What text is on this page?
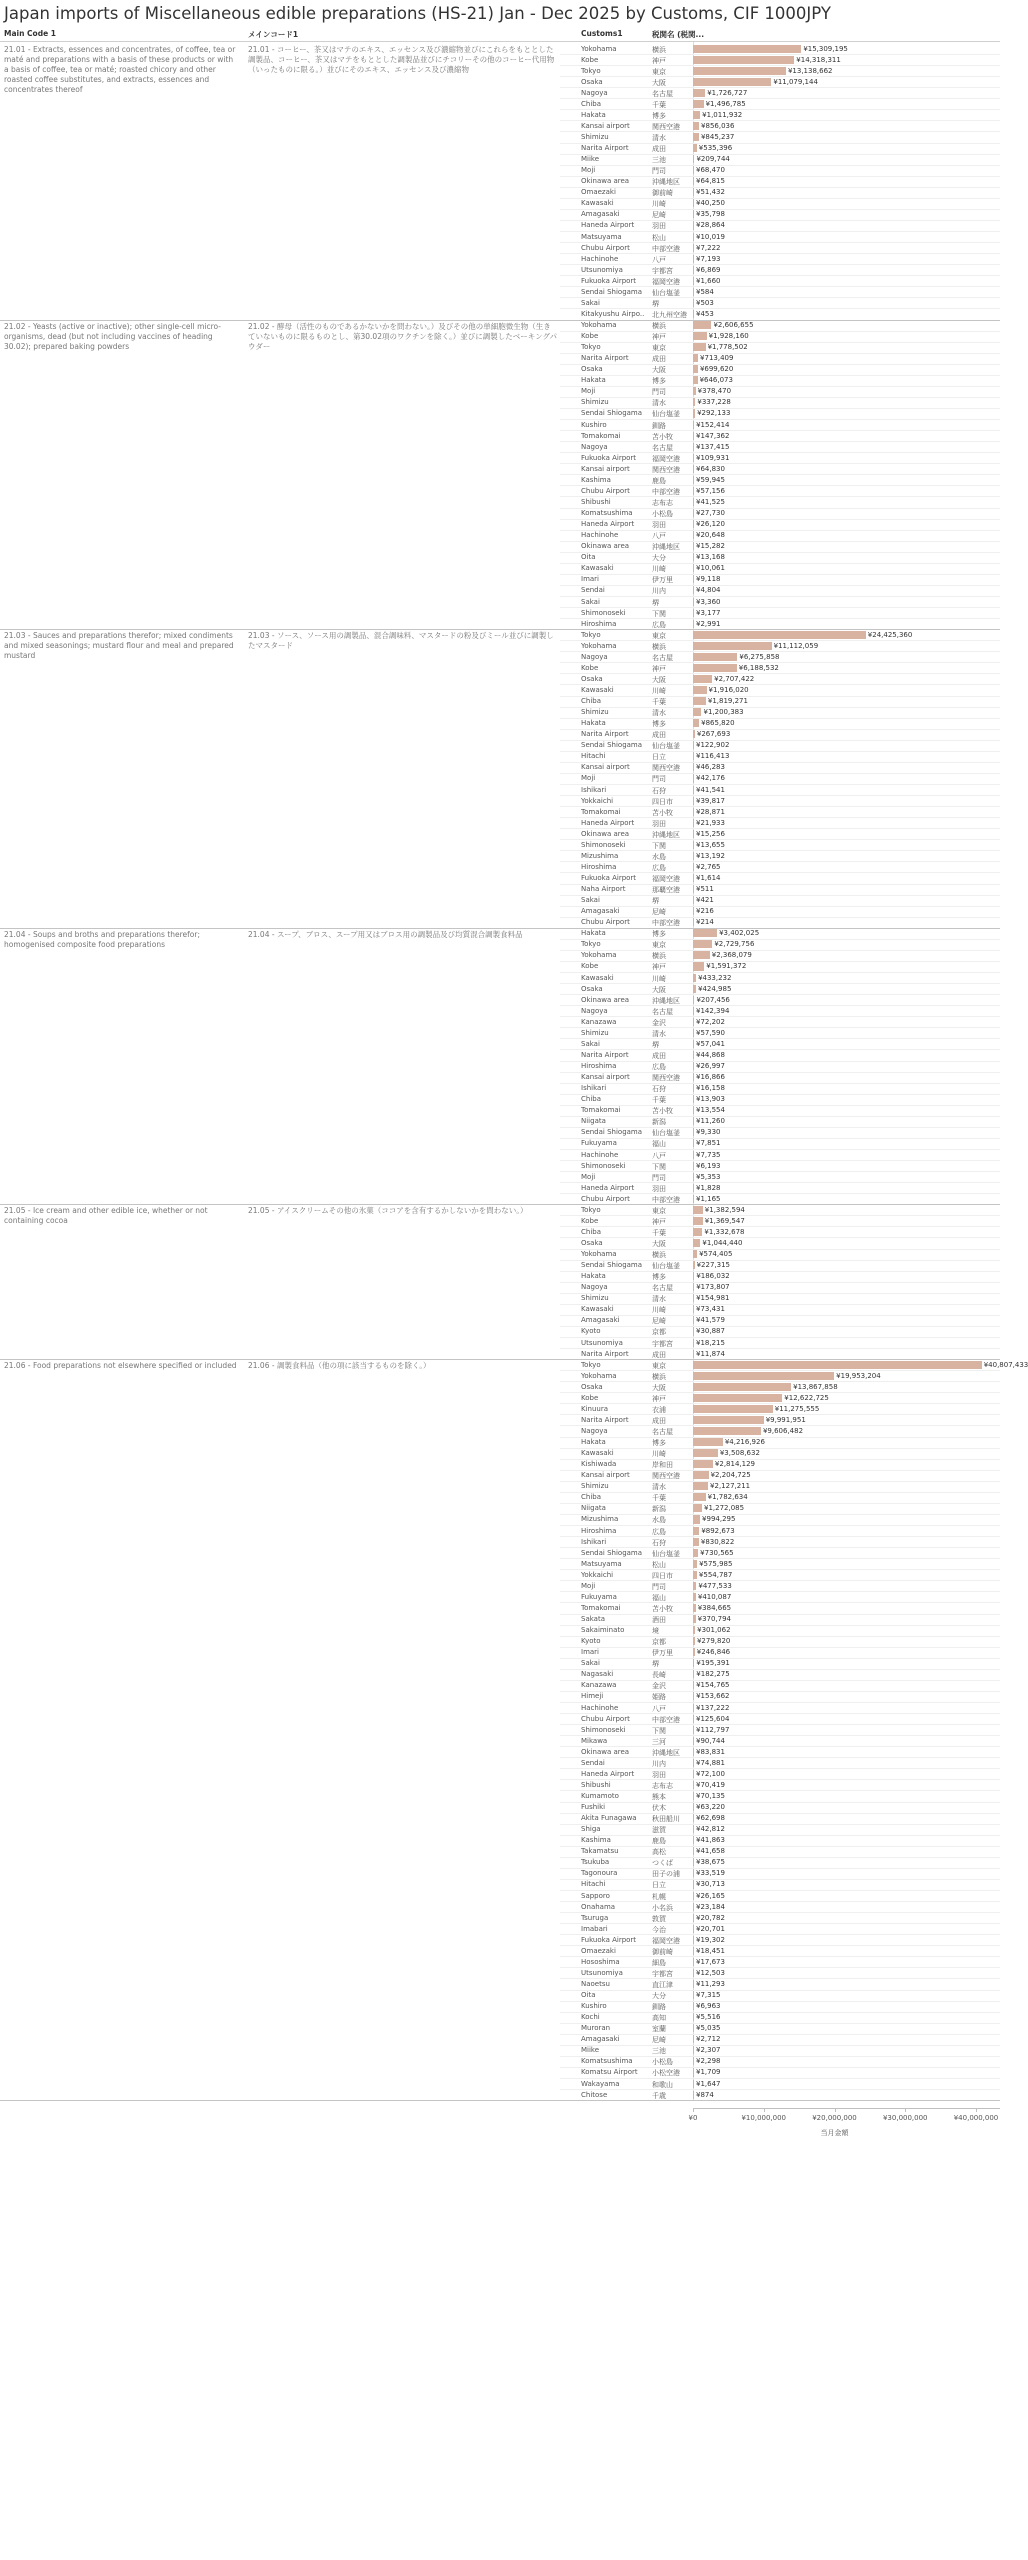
Japan imports of Miscellaneous edible preparations (HS-21) Jan - Dec 2025 by Customs, CIF 1000JPY
Main Code 1	メインコード1	Customs1	税関名 (税関...
21.01 - Extracts, essences and concentrates, of coffee, tea or maté and preparations with a basis of these products or with a basis of coffee, tea or maté; roasted chicory and other roasted coffee substitutes, and extracts, essences and concentrates thereof
21.01 - コーヒー、茶又はマテのエキス、エッセンス及び濃縮物並びにこれらをもととした調製品、コーヒー、茶又はマテをもととした調製品並びにチコリーその他のコーヒー代用物（いったものに限る。）並びにそのエキス、エッセンス及び濃縮物
Yokohama	横浜	¥15,309,195
Kobe	神戸	¥14,318,311
Tokyo	東京	¥13,138,662
Osaka	大阪	¥11,079,144
Nagoya	名古屋	¥1,726,727
Chiba	千葉	¥1,496,785
Hakata	博多	¥1,011,932
Kansai airport	関西空港	¥856,036
Shimizu	清水	¥845,237
Narita Airport	成田	¥535,396
Miike	三池	¥209,744
Moji	門司	¥68,470
Okinawa area	沖縄地区	¥64,815
Omaezaki	御前崎	¥51,432
Kawasaki	川崎	¥40,250
Amagasaki	尼崎	¥35,798
Haneda Airport	羽田	¥28,864
Matsuyama	松山	¥10,019
Chubu Airport	中部空港	¥7,222
Hachinohe	八戸	¥7,193
Utsunomiya	宇都宮	¥6,869
Fukuoka Airport	福岡空港	¥1,660
Sendai Shiogama	仙台塩釜	¥584
Sakai	堺	¥503
Kitakyushu Airpo..	北九州空港	¥453
21.02 - Yeasts (active or inactive); other single-cell micro-organisms, dead (but not including vaccines of heading 30.02); prepared baking powders
21.02 - 酵母（活性のものであるかないかを問わない。）及びその他の単細胞微生物（生きていないものに限るものとし、第30.02項のワクチンを除く。）並びに調製したベーキングパウダー
Yokohama	横浜	¥2,606,655
Kobe	神戸	¥1,928,160
Tokyo	東京	¥1,778,502
Narita Airport	成田	¥713,409
Osaka	大阪	¥699,620
Hakata	博多	¥646,073
Moji	門司	¥378,470
Shimizu	清水	¥337,228
Sendai Shiogama	仙台塩釜	¥292,133
Kushiro	釧路	¥152,414
Tomakomai	苫小牧	¥147,362
Nagoya	名古屋	¥137,415
Fukuoka Airport	福岡空港	¥109,931
Kansai airport	関西空港	¥64,830
Kashima	鹿島	¥59,945
Chubu Airport	中部空港	¥57,156
Shibushi	志布志	¥41,525
Komatsushima	小松島	¥27,730
Haneda Airport	羽田	¥26,120
Hachinohe	八戸	¥20,648
Okinawa area	沖縄地区	¥15,282
Oita	大分	¥13,168
Kawasaki	川崎	¥10,061
Imari	伊万里	¥9,118
Sendai	川内	¥4,804
Sakai	堺	¥3,360
Shimonoseki	下関	¥3,177
Hiroshima	広島	¥2,991
21.03 - Sauces and preparations therefor; mixed condiments and mixed seasonings; mustard flour and meal and prepared mustard
21.03 - ソース、ソース用の調製品、混合調味料、マスタードの粉及びミール並びに調製したマスタード
Tokyo	東京	¥24,425,360
Yokohama	横浜	¥11,112,059
Nagoya	名古屋	¥6,275,858
Kobe	神戸	¥6,188,532
Osaka	大阪	¥2,707,422
Kawasaki	川崎	¥1,916,020
Chiba	千葉	¥1,819,271
Shimizu	清水	¥1,200,383
Hakata	博多	¥865,820
Narita Airport	成田	¥267,693
Sendai Shiogama	仙台塩釜	¥122,902
Hitachi	日立	¥116,413
Kansai airport	関西空港	¥46,283
Moji	門司	¥42,176
Ishikari	石狩	¥41,541
Yokkaichi	四日市	¥39,817
Tomakomai	苫小牧	¥28,871
Haneda Airport	羽田	¥21,933
Okinawa area	沖縄地区	¥15,256
Shimonoseki	下関	¥13,655
Mizushima	水島	¥13,192
Hiroshima	広島	¥2,765
Fukuoka Airport	福岡空港	¥1,614
Naha Airport	那覇空港	¥511
Sakai	堺	¥421
Amagasaki	尼崎	¥216
Chubu Airport	中部空港	¥214
21.04 - Soups and broths and preparations therefor; homogenised composite food preparations
21.04 - スープ、ブロス、スープ用又はブロス用の調製品及び均質混合調製食料品	Hakata	博多	¥3,402,025
Tokyo	東京	¥2,729,756
Yokohama	横浜	¥2,368,079
Kobe	神戸	¥1,591,372
Kawasaki	川崎	¥433,232
Osaka	大阪	¥424,985
Okinawa area	沖縄地区	¥207,456
Nagoya	名古屋	¥142,394
Kanazawa	金沢	¥72,202
Shimizu	清水	¥57,590
Sakai	堺	¥57,041
Narita Airport	成田	¥44,868
Hiroshima	広島	¥26,997
Kansai airport	関西空港	¥16,866
Ishikari	石狩	¥16,158
Chiba	千葉	¥13,903
Tomakomai	苫小牧	¥13,554
Niigata	新潟	¥11,260
Sendai Shiogama	仙台塩釜	¥9,330
Fukuyama	福山	¥7,851
Hachinohe	八戸	¥7,735
Shimonoseki	下関	¥6,193
Moji	門司	¥5,353
Haneda Airport	羽田	¥1,828
Chubu Airport	中部空港	¥1,165
21.05 - Ice cream and other edible ice, whether or not containing cocoa
21.05 - アイスクリームその他の氷菓（ココアを含有するかしないかを問わない。）	Tokyo	東京	¥1,382,594
Kobe	神戸	¥1,369,547
Chiba	千葉	¥1,332,678
Osaka	大阪	¥1,044,440
Yokohama	横浜	¥574,405
Sendai Shiogama	仙台塩釜	¥227,315
Hakata	博多	¥186,032
Nagoya	名古屋	¥173,807
Shimizu	清水	¥154,981
Kawasaki	川崎	¥73,431
Amagasaki	尼崎	¥41,579
Kyoto	京都	¥30,887
Utsunomiya	宇都宮	¥18,215
Narita Airport	成田	¥11,874
21.06 - Food preparations not elsewhere specified or included	21.06 - 調製食料品（他の項に該当するものを除く。）	Tokyo	東京	¥40,807,433
Yokohama	横浜	¥19,953,204
Osaka	大阪	¥13,867,858
Kobe	神戸	¥12,622,725
Kinuura	衣浦	¥11,275,555
Narita Airport	成田	¥9,991,951
Nagoya	名古屋	¥9,606,482
Hakata	博多	¥4,216,926
Kawasaki	川崎	¥3,508,632
Kishiwada	岸和田	¥2,814,129
Kansai airport	関西空港	¥2,204,725
Shimizu	清水	¥2,127,211
Chiba	千葉	¥1,782,634
Niigata	新潟	¥1,272,085
Mizushima	水島	¥994,295
Hiroshima	広島	¥892,673
Ishikari	石狩	¥830,822
Sendai Shiogama	仙台塩釜	¥730,565
Matsuyama	松山	¥575,985
Yokkaichi	四日市	¥554,787
Moji	門司	¥477,533
Fukuyama	福山	¥410,087
Tomakomai	苫小牧	¥384,665
Sakata	酒田	¥370,794
Sakaiminato	境	¥301,062
Kyoto	京都	¥279,820
Imari	伊万里	¥246,846
Sakai	堺	¥195,391
Nagasaki	長崎	¥182,275
Kanazawa	金沢	¥154,765
Himeji	姫路	¥153,662
Hachinohe	八戸	¥137,222
Chubu Airport	中部空港	¥125,604
Shimonoseki	下関	¥112,797
Mikawa	三河	¥90,744
Okinawa area	沖縄地区	¥83,831
Sendai	川内	¥74,881
Haneda Airport	羽田	¥72,100
Shibushi	志布志	¥70,419
Kumamoto	熊本	¥70,135
Fushiki	伏木	¥63,220
Akita Funagawa	秋田船川	¥62,698
Shiga	滋賀	¥42,812
Kashima	鹿島	¥41,863
Takamatsu	高松	¥41,658
Tsukuba	つくば	¥38,675
Tagonoura	田子の浦	¥33,519
Hitachi	日立	¥30,713
Sapporo	札幌	¥26,165
Onahama	小名浜	¥23,184
Tsuruga	敦賀	¥20,782
Imabari	今治	¥20,701
Fukuoka Airport	福岡空港	¥19,302
Omaezaki	御前崎	¥18,451
Hososhima	細島	¥17,673
Utsunomiya	宇都宮	¥12,503
Naoetsu	直江津	¥11,293
Oita	大分	¥7,315
Kushiro	釧路	¥6,963
Kochi	高知	¥5,516
Muroran	室蘭	¥5,035
Amagasaki	尼崎	¥2,712
Miike	三池	¥2,307
Komatsushima	小松島	¥2,298
Komatsu Airport	小松空港	¥1,709
Wakayama	和歌山	¥1,647
Chitose	千歳	¥874
当月金額
¥0	¥10,000,000	¥20,000,000	¥30,000,000	¥40,000,000
